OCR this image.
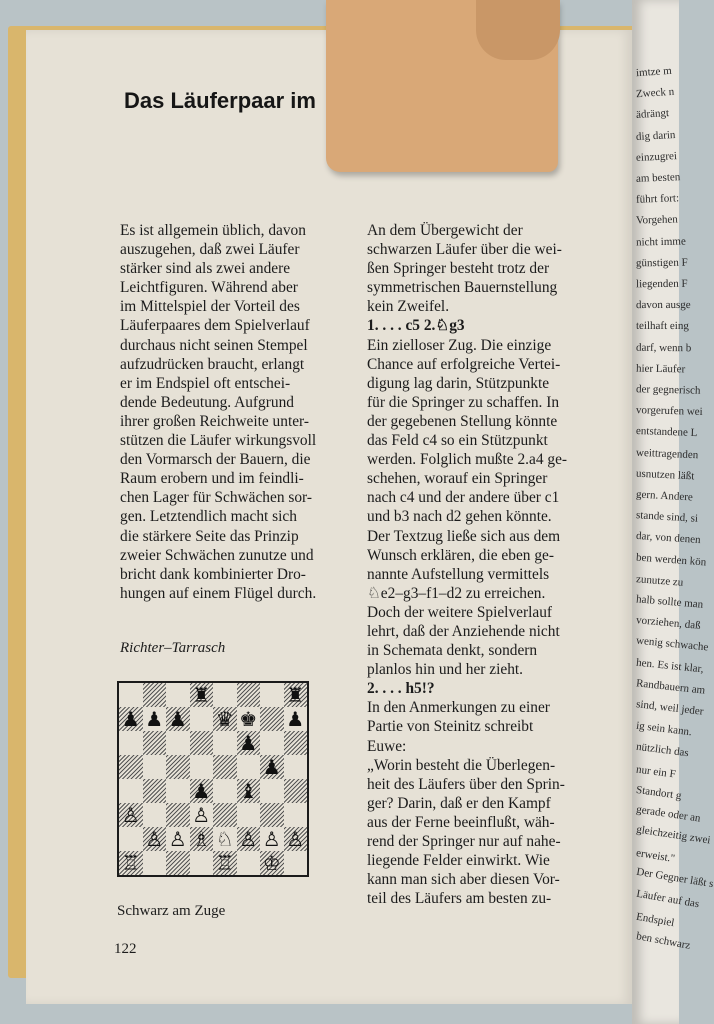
imtze m
Zweck n
ädrängt
dig darin
einzugrei
am besten
führt fort:
Vorgehen
nicht imme
günstigen F
liegenden F
davon ausge
teilhaft eing
darf, wenn b
hier Läufer
der gegnerisch
vorgerufen wei
entstandene L
weittragenden
usnutzen läßt
gern. Andere
stande sind, si
dar, von denen
ben werden kön
zunutze zu
halb sollte man
vorziehen, daß
wenig schwache
hen. Es ist klar,
Randbauern am
sind, weil jeder
ig sein kann.
nützlich das
nur ein F
Standort g
gerade oder an
gleichzeitig zwei
erweist."
Der Gegner läßt s
Läufer auf das
Endspiel
ben schwarz
Das Läuferpaar im
Es ist allgemein üblich, davon
auszugehen, daß zwei Läufer
stärker sind als zwei andere
Leichtfiguren. Während aber
im Mittelspiel der Vorteil des
Läuferpaares dem Spielverlauf
durchaus nicht seinen Stempel
aufzudrücken braucht, erlangt
er im Endspiel oft entschei-
dende Bedeutung. Aufgrund
ihrer großen Reichweite unter-
stützen die Läufer wirkungsvoll
den Vormarsch der Bauern, die
Raum erobern und im feindli-
chen Lager für Schwächen sor-
gen. Letztendlich macht sich
die stärkere Seite das Prinzip
zweier Schwächen zunutze und
bricht dank kombinierter Dro-
hungen auf einem Flügel durch.
Richter–Tarrasch
♜	♜
♟ ♟ ♟ ♛ ♚ ♟
♟
♟
♟ ♝
♙	♙
♙ ♙ ♗ ♘ ♙ ♙ ♙
♖	♖ ♔
Schwarz am Zuge
122
An dem Übergewicht der
schwarzen Läufer über die wei-
ßen Springer besteht trotz der
symmetrischen Bauernstellung
kein Zweifel.
1. . . . c5 2.♘g3
Ein zielloser Zug. Die einzige
Chance auf erfolgreiche Vertei-
digung lag darin, Stützpunkte
für die Springer zu schaffen. In
der gegebenen Stellung könnte
das Feld c4 so ein Stützpunkt
werden. Folglich mußte 2.a4 ge-
schehen, worauf ein Springer
nach c4 und der andere über c1
und b3 nach d2 gehen könnte.
Der Textzug ließe sich aus dem
Wunsch erklären, die eben ge-
nannte Aufstellung vermittels
♘e2–g3–f1–d2 zu erreichen.
Doch der weitere Spielverlauf
lehrt, daß der Anziehende nicht
in Schemata denkt, sondern
planlos hin und her zieht.
2. . . . h5!?
In den Anmerkungen zu einer
Partie von Steinitz schreibt
Euwe:
„Worin besteht die Überlegen-
heit des Läufers über den Sprin-
ger? Darin, daß er den Kampf
aus der Ferne beeinflußt, wäh-
rend der Springer nur auf nahe-
liegende Felder einwirkt. Wie
kann man sich aber diesen Vor-
teil des Läufers am besten zu-
